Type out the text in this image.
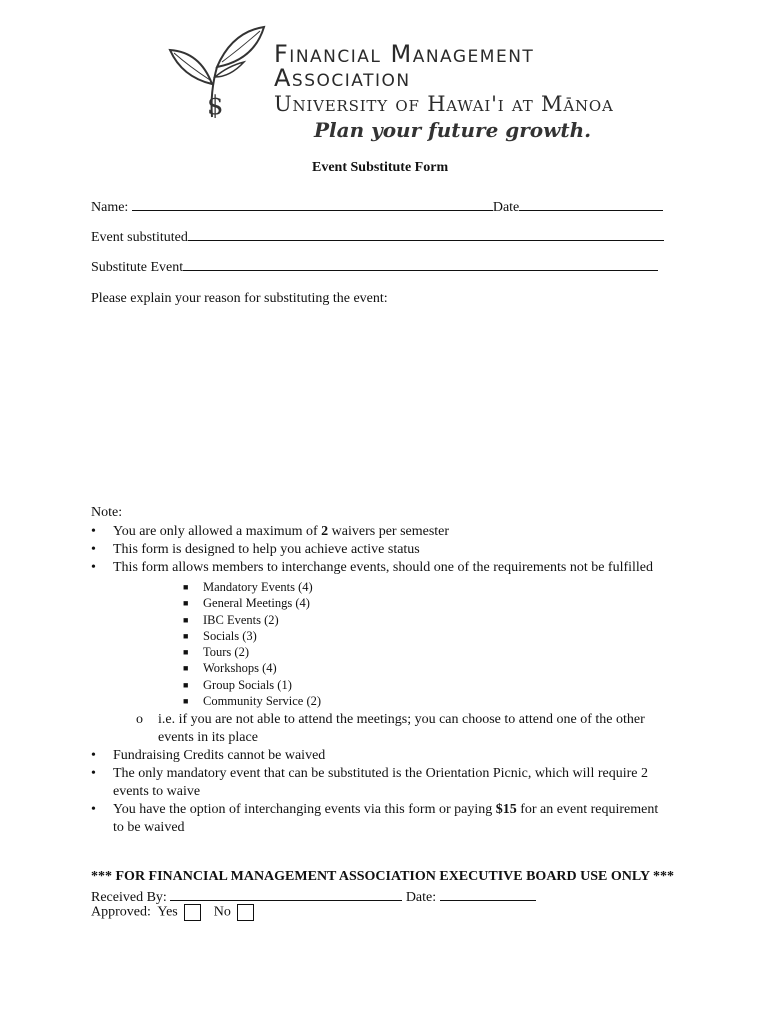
$
Financial Management
Association
University of Hawai'i at Mānoa
Plan your future growth.
Event Substitute Form
Name:	Date
Event substituted
Substitute Event
Please explain your reason for substituting the event:
Note:
• You are only allowed a maximum of 2 waivers per semester
• This form is designed to help you achieve active status
• This form allows members to interchange events, should one of the requirements not be fulfilled
■ Mandatory Events (4)
■ General Meetings (4)
■ IBC Events (2)
■ Socials (3)
■ Tours (2)
■ Workshops (4)
■ Group Socials (1)
■ Community Service (2)
o i.e. if you are not able to attend the meetings; you can choose to attend one of the other events in its place
• Fundraising Credits cannot be waived
• The only mandatory event that can be substituted is the Orientation Picnic, which will require 2 events to waive
• You have the option of interchanging events via this form or paying $15 for an event requirement to be waived
*** FOR FINANCIAL MANAGEMENT ASSOCIATION EXECUTIVE BOARD USE ONLY ***
Received By:	Date:
Approved: Yes	No
